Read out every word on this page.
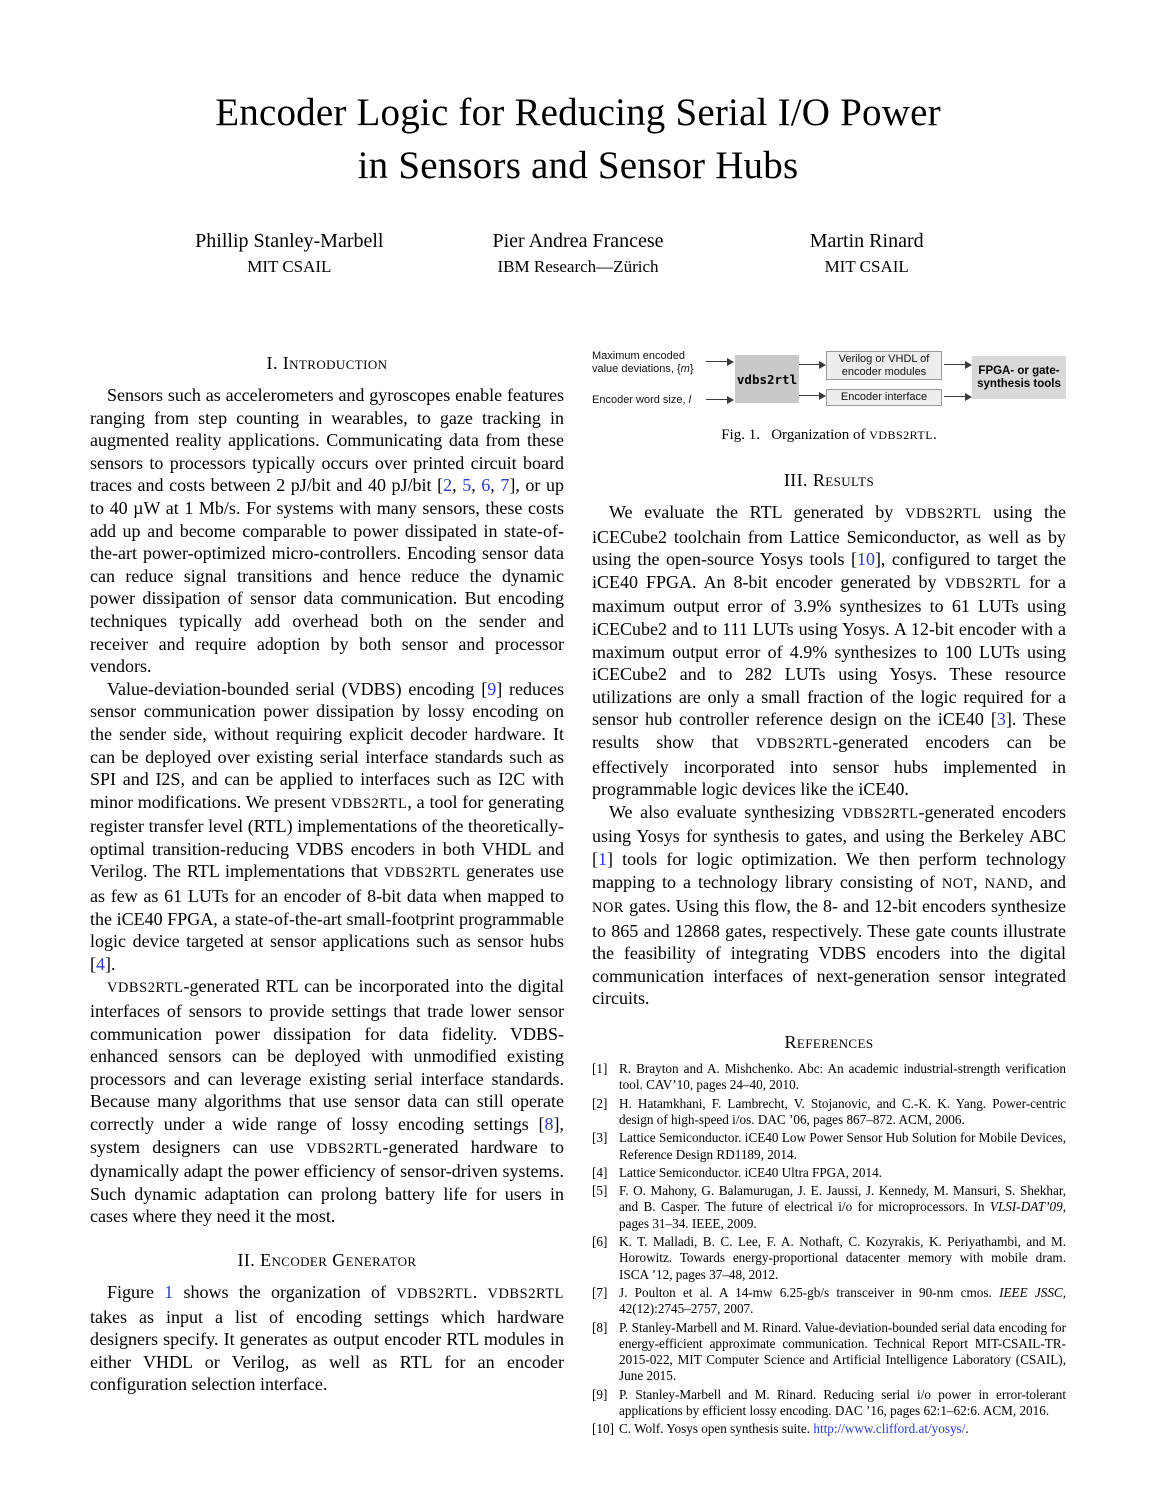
Encoder Logic for Reducing Serial I/O Power
in Sensors and Sensor Hubs
Phillip Stanley-Marbell
MIT CSAIL
Pier Andrea Francese
IBM Research—Zürich
Martin Rinard
MIT CSAIL
I. Introduction

Sensors such as accelerometers and gyroscopes enable features ranging from step counting in wearables, to gaze tracking in augmented reality applications. Communicating data from these sensors to processors typically occurs over printed circuit board traces and costs between 2 pJ/bit and 40 pJ/bit [2, 5, 6, 7], or up to 40 µW at 1 Mb/s. For systems with many sensors, these costs add up and become comparable to power dissipated in state-of-the-art power-optimized micro-controllers. Encoding sensor data can reduce signal transitions and hence reduce the dynamic power dissipation of sensor data communication. But encoding techniques typically add overhead both on the sender and receiver and require adoption by both sensor and processor vendors.

Value-deviation-bounded serial (VDBS) encoding [9] reduces sensor communication power dissipation by lossy encoding on the sender side, without requiring explicit decoder hardware. It can be deployed over existing serial interface standards such as SPI and I2S, and can be applied to interfaces such as I2C with minor modifications. We present VDBS2RTL, a tool for generating register transfer level (RTL) implementations of the theoretically-optimal transition-reducing VDBS encoders in both VHDL and Verilog. The RTL implementations that VDBS2RTL generates use as few as 61 LUTs for an encoder of 8-bit data when mapped to the iCE40 FPGA, a state-of-the-art small-footprint programmable logic device targeted at sensor applications such as sensor hubs [4].

VDBS2RTL-generated RTL can be incorporated into the digital interfaces of sensors to provide settings that trade lower sensor communication power dissipation for data fidelity. VDBS-enhanced sensors can be deployed with unmodified existing processors and can leverage existing serial interface standards. Because many algorithms that use sensor data can still operate correctly under a wide range of lossy encoding settings [8], system designers can use VDBS2RTL-generated hardware to dynamically adapt the power efficiency of sensor-driven systems. Such dynamic adaptation can prolong battery life for users in cases where they need it the most.

II. Encoder Generator

Figure 1 shows the organization of VDBS2RTL. VDBS2RTL takes as input a list of encoding settings which hardware designers specify. It generates as output encoder RTL modules in either VHDL or Verilog, as well as RTL for an encoder configuration selection interface.

Maximum encoded
value deviations, {m}
Encoder word size, l
vdbs2rtl
Verilog or VHDL of
encoder modules
Encoder interface
FPGA- or gate-
synthesis tools
Fig. 1.   Organization of VDBS2RTL.
III. Results

We evaluate the RTL generated by VDBS2RTL using the iCECube2 toolchain from Lattice Semiconductor, as well as by using the open-source Yosys tools [10], configured to target the iCE40 FPGA. An 8-bit encoder generated by VDBS2RTL for a maximum output error of 3.9% synthesizes to 61 LUTs using iCECube2 and to 111 LUTs using Yosys. A 12-bit encoder with a maximum output error of 4.9% synthesizes to 100 LUTs using iCECube2 and to 282 LUTs using Yosys. These resource utilizations are only a small fraction of the logic required for a sensor hub controller reference design on the iCE40 [3]. These results show that VDBS2RTL-generated encoders can be effectively incorporated into sensor hubs implemented in programmable logic devices like the iCE40.

We also evaluate synthesizing VDBS2RTL-generated encoders using Yosys for synthesis to gates, and using the Berkeley ABC [1] tools for logic optimization. We then perform technology mapping to a technology library consisting of NOT, NAND, and NOR gates. Using this flow, the 8- and 12-bit encoders synthesize to 865 and 12868 gates, respectively. These gate counts illustrate the feasibility of integrating VDBS encoders into the digital communication interfaces of next-generation sensor integrated circuits.

References
[1] R. Brayton and A. Mishchenko. Abc: An academic industrial-strength verification tool. CAV’10, pages 24–40, 2010.
[2] H. Hatamkhani, F. Lambrecht, V. Stojanovic, and C.-K. K. Yang. Power-centric design of high-speed i/os. DAC ’06, pages 867–872. ACM, 2006.
[3] Lattice Semiconductor. iCE40 Low Power Sensor Hub Solution for Mobile Devices, Reference Design RD1189, 2014.
[4] Lattice Semiconductor. iCE40 Ultra FPGA, 2014.
[5] F. O. Mahony, G. Balamurugan, J. E. Jaussi, J. Kennedy, M. Mansuri, S. Shekhar, and B. Casper. The future of electrical i/o for microprocessors. In VLSI-DAT’09, pages 31–34. IEEE, 2009.
[6] K. T. Malladi, B. C. Lee, F. A. Nothaft, C. Kozyrakis, K. Periyathambi, and M. Horowitz. Towards energy-proportional datacenter memory with mobile dram. ISCA ’12, pages 37–48, 2012.
[7] J. Poulton et al. A 14-mw 6.25-gb/s transceiver in 90-nm cmos. IEEE JSSC, 42(12):2745–2757, 2007.
[8] P. Stanley-Marbell and M. Rinard. Value-deviation-bounded serial data encoding for energy-efficient approximate communication. Technical Report MIT-CSAIL-TR-2015-022, MIT Computer Science and Artificial Intelligence Laboratory (CSAIL), June 2015.
[9] P. Stanley-Marbell and M. Rinard. Reducing serial i/o power in error-tolerant applications by efficient lossy encoding. DAC ’16, pages 62:1–62:6. ACM, 2016.
[10] C. Wolf. Yosys open synthesis suite. http://www.clifford.at/yosys/.
